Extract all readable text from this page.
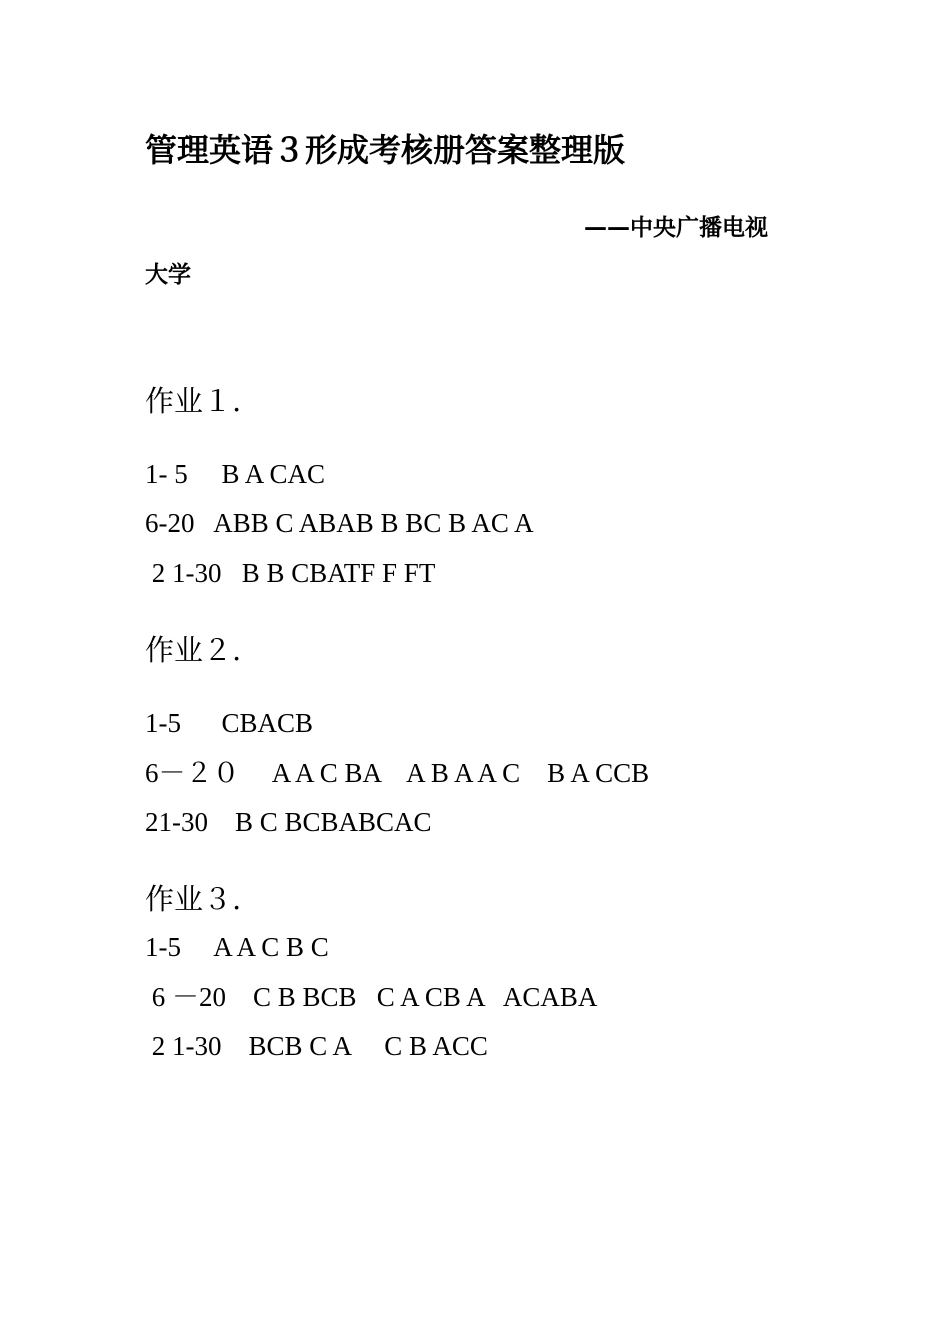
管理英语３形成考核册答案整理版
——中央广播电视
大学
作业１.
1- 5     B A CAC
6-20   ABB C ABAB B BC B AC A
2 1-30   B B CBATF F FT
作业２.
1-5      CBACB
6－２０     A A C BA    A B A A C    B A CCB
21-30    B C BCBABCAC
作业３.
1-5     A A C B C
6 －20    C B BCB   C A CB A   ACABA
2 1-30    BCB C A     C B ACC
